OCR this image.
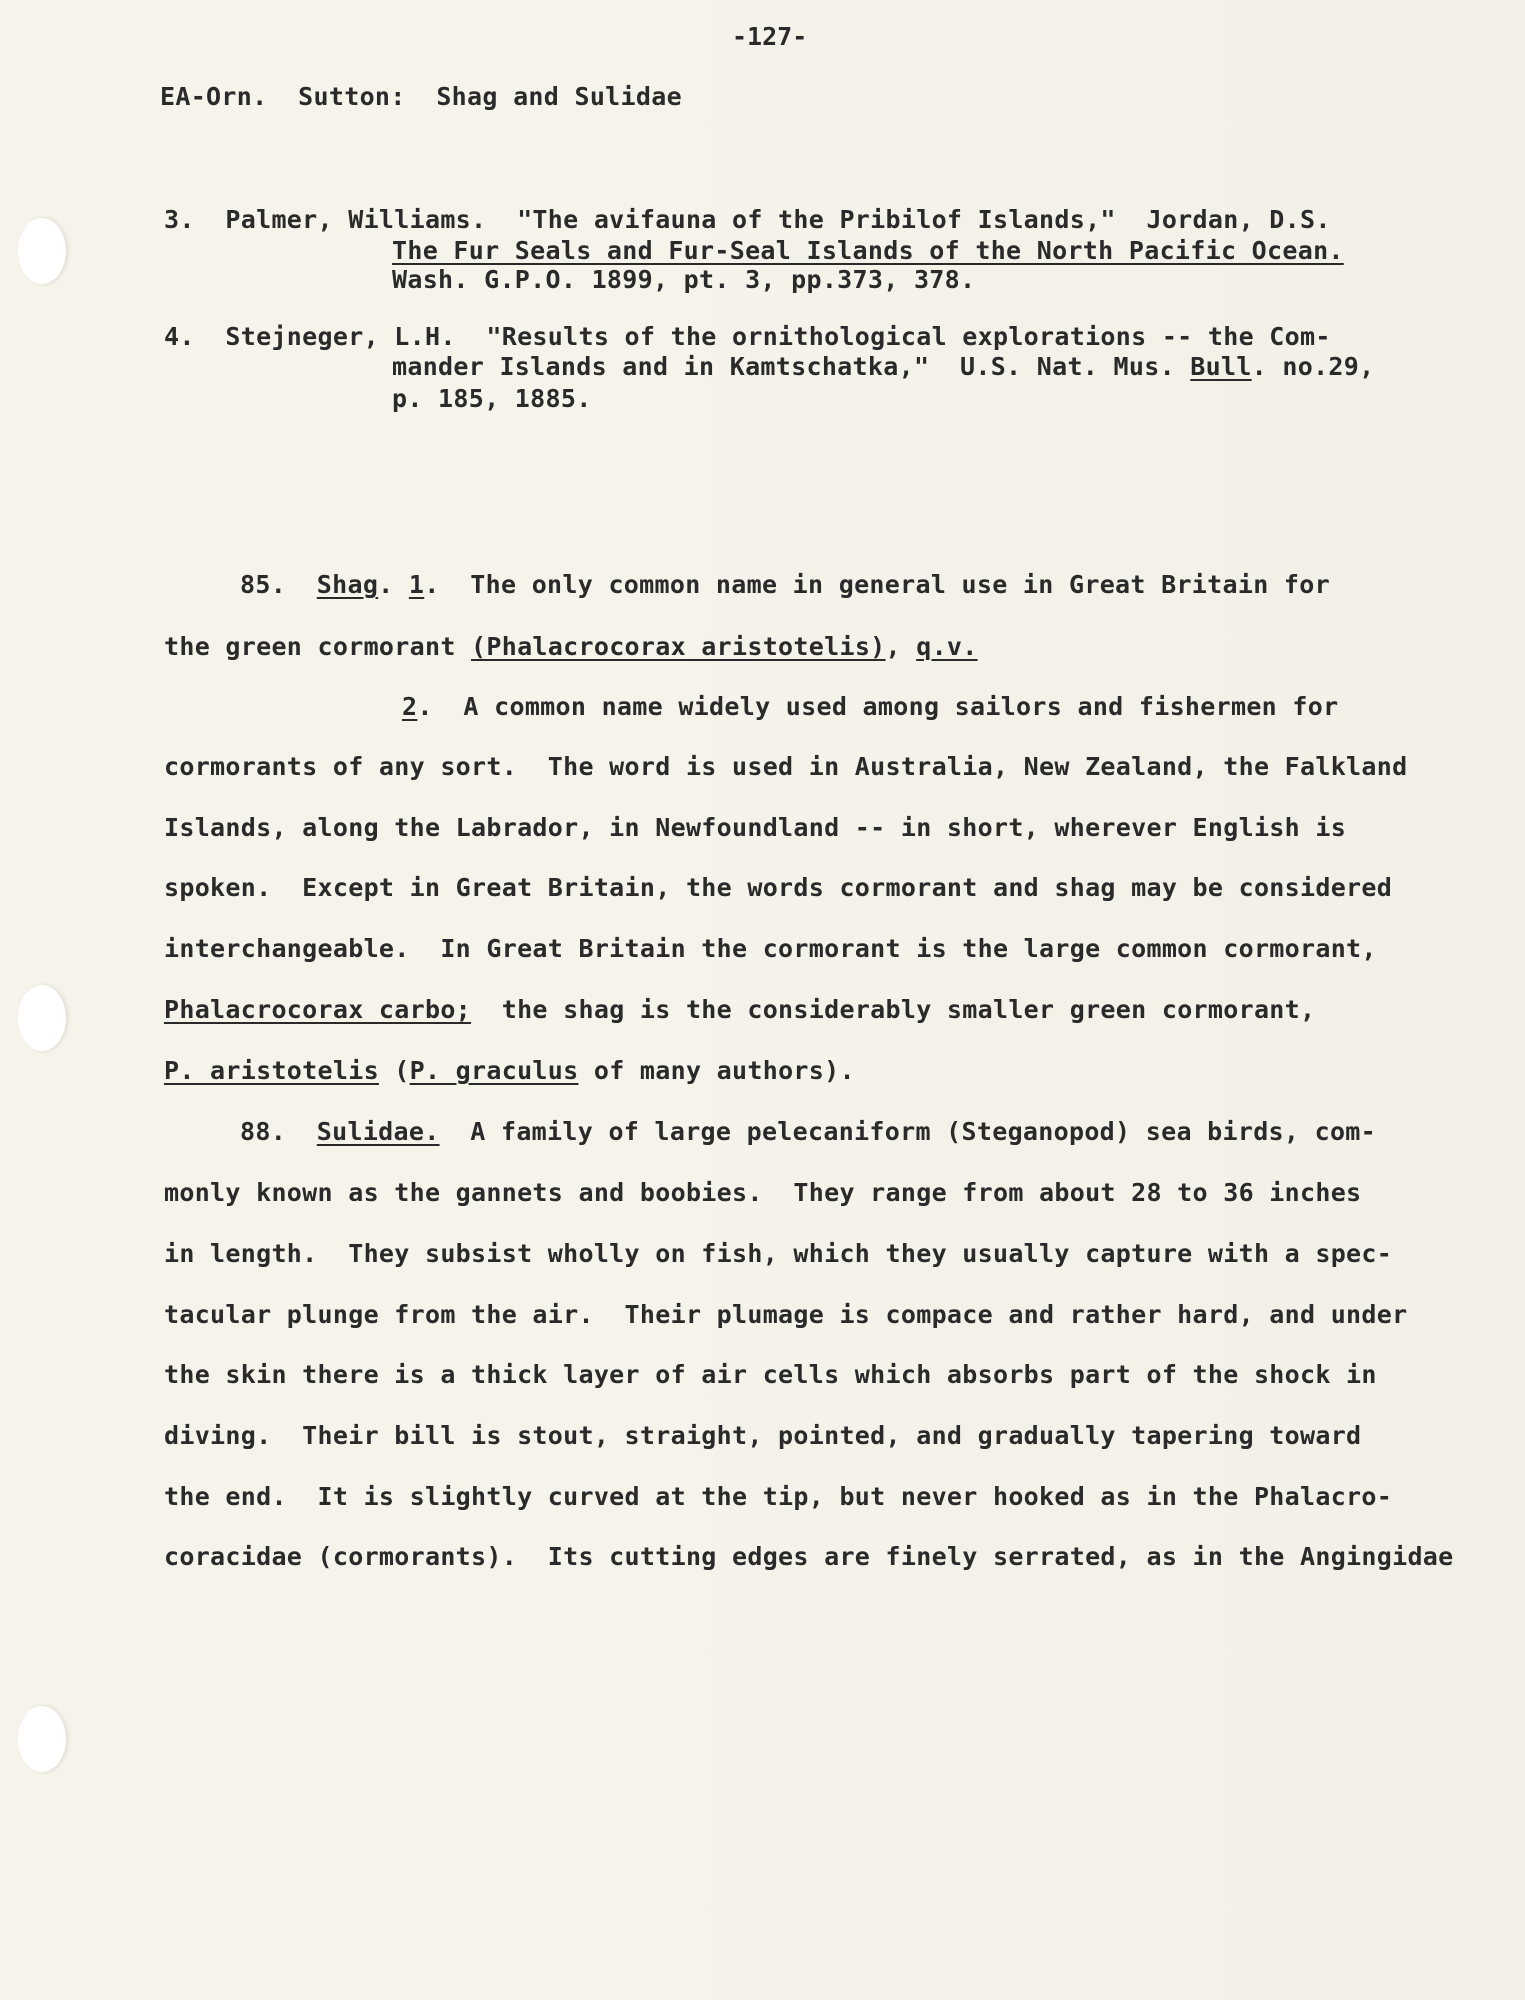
-127-
EA-Orn.  Sutton:  Shag and Sulidae
3.  Palmer, Williams.  "The avifauna of the Pribilof Islands,"  Jordan, D.S.
The Fur Seals and Fur-Seal Islands of the North Pacific Ocean.
Wash. G.P.O. 1899, pt. 3, pp.373, 378.
4.  Stejneger, L.H.  "Results of the ornithological explorations -- the Com-
mander Islands and in Kamtschatka,"  U.S. Nat. Mus. Bull. no.29,
p. 185, 1885.
85.  Shag. 1.  The only common name in general use in Great Britain for
the green cormorant (Phalacrocorax aristotelis), q.v.
2.  A common name widely used among sailors and fishermen for
cormorants of any sort.  The word is used in Australia, New Zealand, the Falkland
Islands, along the Labrador, in Newfoundland -- in short, wherever English is
spoken.  Except in Great Britain, the words cormorant and shag may be considered
interchangeable.  In Great Britain the cormorant is the large common cormorant,
Phalacrocorax carbo;  the shag is the considerably smaller green cormorant,
P. aristotelis (P. graculus of many authors).
88.  Sulidae.  A family of large pelecaniform (Steganopod) sea birds, com-
monly known as the gannets and boobies.  They range from about 28 to 36 inches
in length.  They subsist wholly on fish, which they usually capture with a spec-
tacular plunge from the air.  Their plumage is compace and rather hard, and under
the skin there is a thick layer of air cells which absorbs part of the shock in
diving.  Their bill is stout, straight, pointed, and gradually tapering toward
the end.  It is slightly curved at the tip, but never hooked as in the Phalacro-
coracidae (cormorants).  Its cutting edges are finely serrated, as in the Angingidae
